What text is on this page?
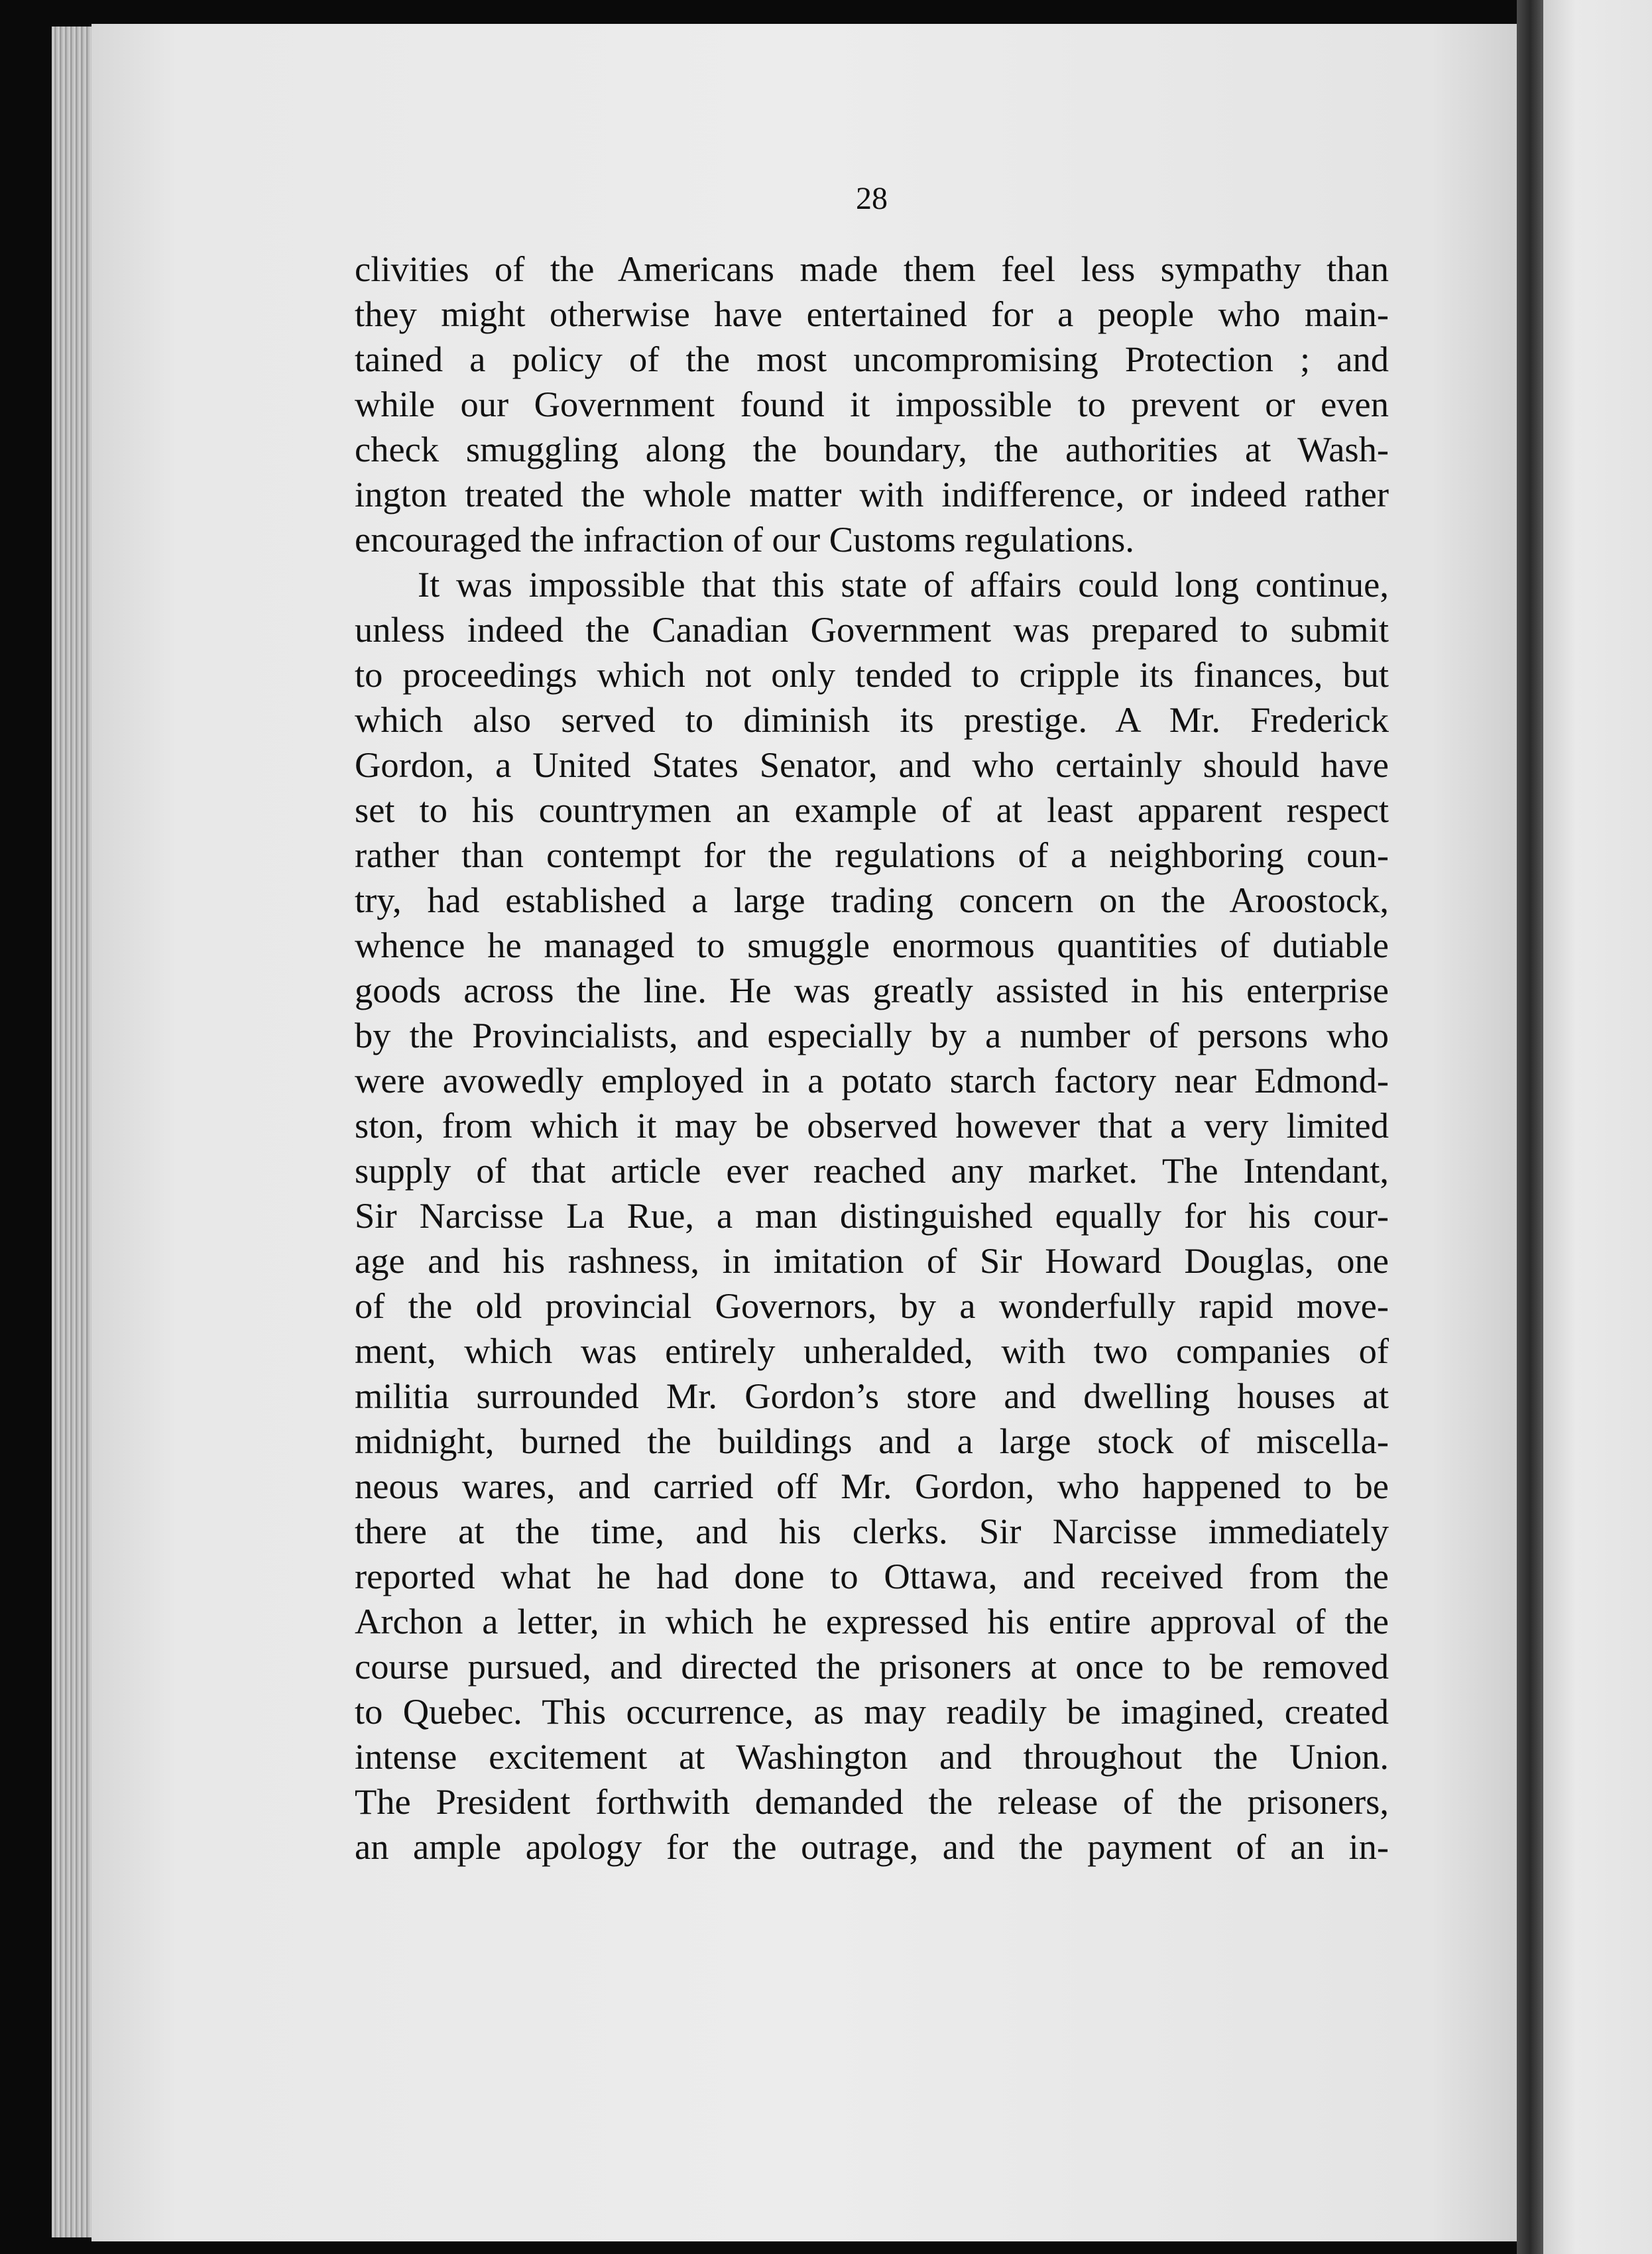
28
clivities of the Americans made them feel less sympathy than
they might otherwise have entertained for a people who main-
tained a policy of the most uncompromising Protection ; and
while our Government found it impossible to prevent or even
check smuggling along the boundary, the authorities at Wash-
ington treated the whole matter with indifference, or indeed rather
encouraged the infraction of our Customs regulations.
It was impossible that this state of affairs could long continue,
unless indeed the Canadian Government was prepared to submit
to proceedings which not only tended to cripple its finances, but
which also served to diminish its prestige. A Mr. Frederick
Gordon, a United States Senator, and who certainly should have
set to his countrymen an example of at least apparent respect
rather than contempt for the regulations of a neighboring coun-
try, had established a large trading concern on the Aroostock,
whence he managed to smuggle enormous quantities of dutiable
goods across the line. He was greatly assisted in his enterprise
by the Provincialists, and especially by a number of persons who
were avowedly employed in a potato starch factory near Edmond-
ston, from which it may be observed however that a very limited
supply of that article ever reached any market. The Intendant,
Sir Narcisse La Rue, a man distinguished equally for his cour-
age and his rashness, in imitation of Sir Howard Douglas, one
of the old provincial Governors, by a wonderfully rapid move-
ment, which was entirely unheralded, with two companies of
militia surrounded Mr. Gordon’s store and dwelling houses at
midnight, burned the buildings and a large stock of miscella-
neous wares, and carried off Mr. Gordon, who happened to be
there at the time, and his clerks. Sir Narcisse immediately
reported what he had done to Ottawa, and received from the
Archon a letter, in which he expressed his entire approval of the
course pursued, and directed the prisoners at once to be removed
to Quebec. This occurrence, as may readily be imagined, created
intense excitement at Washington and throughout the Union.
The President forthwith demanded the release of the prisoners,
an ample apology for the outrage, and the payment of an in-
